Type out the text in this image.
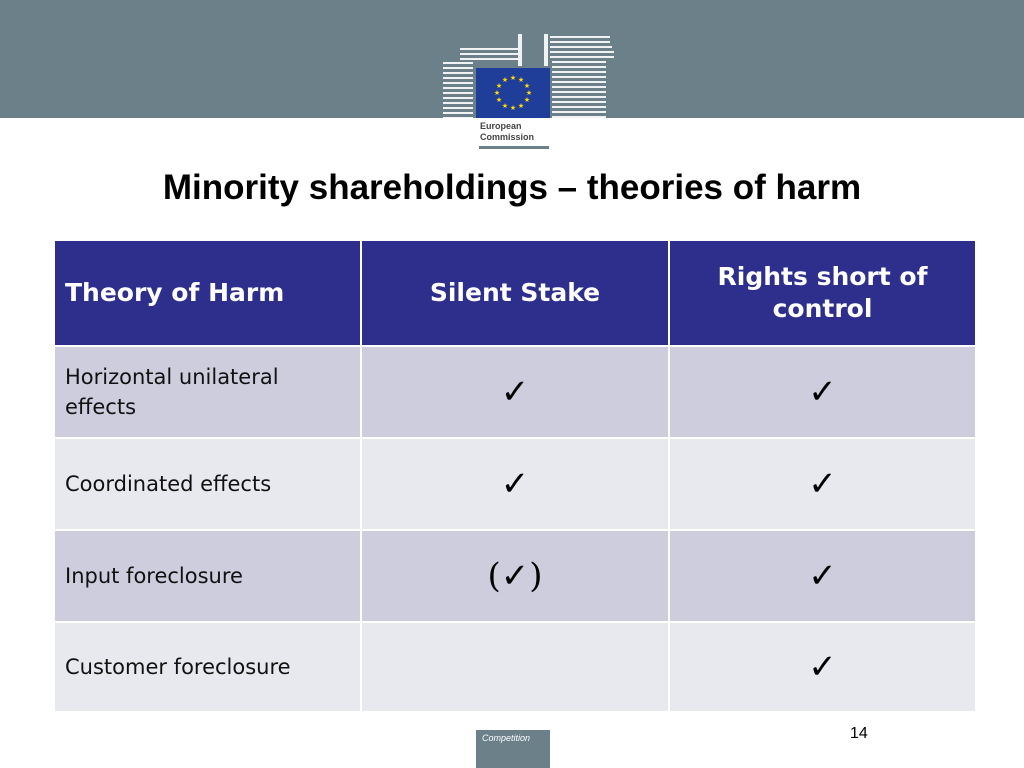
★ ★
★
★
★
★
★
★
★
★
★
★
European
Commission
Minority shareholdings – theories of harm
Theory of Harm	Silent Stake	Rights short of control
Horizontal unilateral effects	✓	✓
Coordinated effects	✓	✓
Input foreclosure	(✓)	✓
Customer foreclosure		✓
14
Competition
